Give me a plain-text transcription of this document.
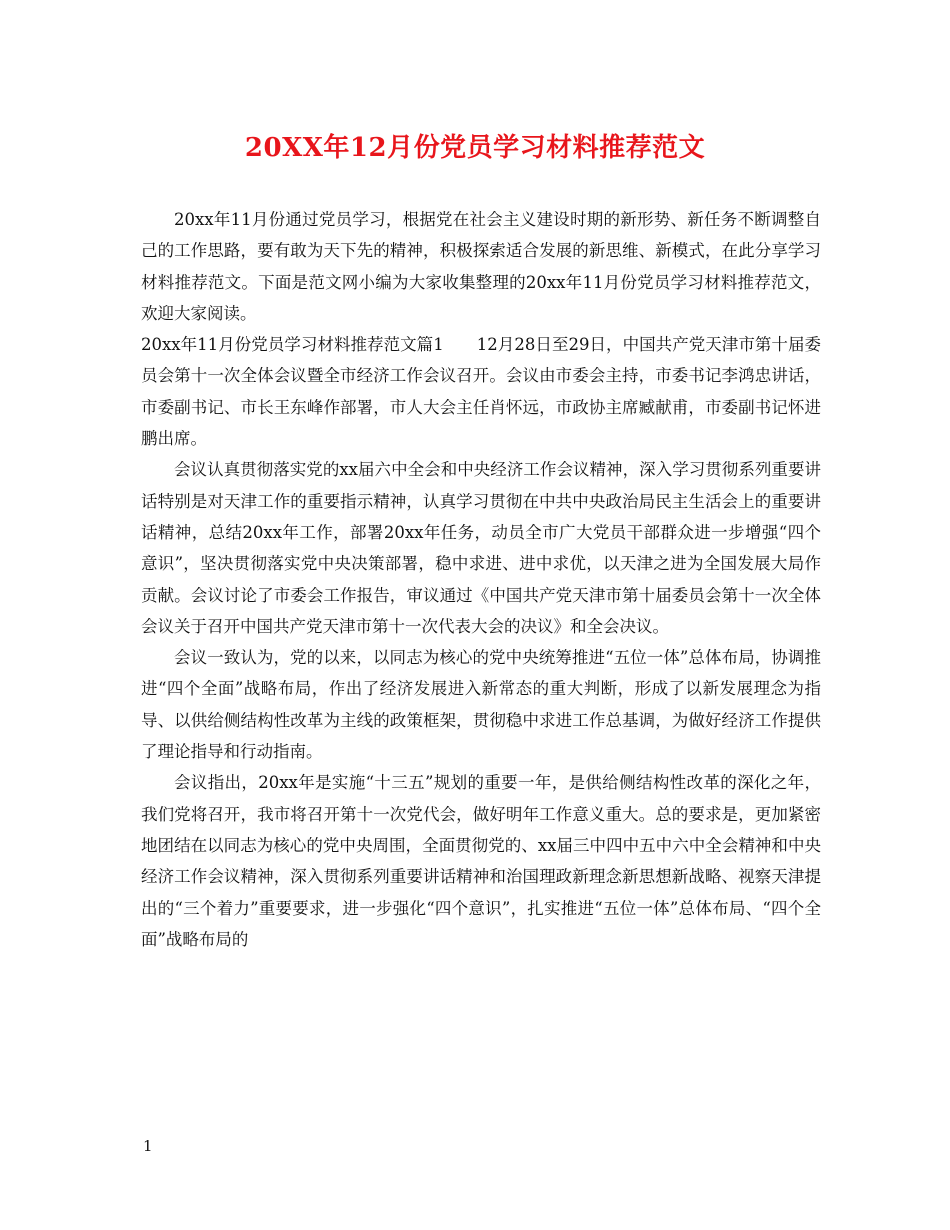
20XX年12月份党员学习材料推荐范文

20xx年11月份通过党员学习，根据党在社会主义建设时期的新形势、新任务不断调整自己的工作思路，要有敢为天下先的精神，积极探索适合发展的新思维、新模式，在此分享学习材料推荐范文。下面是范文网小编为大家收集整理的20xx年11月份党员学习材料推荐范文，欢迎大家阅读。

20xx年11月份党员学习材料推荐范文篇1　　12月28日至29日，中国共产党天津市第十届委员会第十一次全体会议暨全市经济工作会议召开。会议由市委会主持，市委书记李鸿忠讲话，市委副书记、市长王东峰作部署，市人大会主任肖怀远，市政协主席臧献甫，市委副书记怀进鹏出席。

会议认真贯彻落实党的xx届六中全会和中央经济工作会议精神，深入学习贯彻系列重要讲话特别是对天津工作的重要指示精神，认真学习贯彻在中共中央政治局民主生活会上的重要讲话精神，总结20xx年工作，部署20xx年任务，动员全市广大党员干部群众进一步增强“四个意识”，坚决贯彻落实党中央决策部署，稳中求进、进中求优，以天津之进为全国发展大局作贡献。会议讨论了市委会工作报告，审议通过《中国共产党天津市第十届委员会第十一次全体会议关于召开中国共产党天津市第十一次代表大会的决议》和全会决议。

会议一致认为，党的以来，以同志为核心的党中央统筹推进“五位一体”总体布局，协调推进“四个全面”战略布局，作出了经济发展进入新常态的重大判断，形成了以新发展理念为指导、以供给侧结构性改革为主线的政策框架，贯彻稳中求进工作总基调，为做好经济工作提供了理论指导和行动指南。

会议指出，20xx年是实施“十三五”规划的重要一年，是供给侧结构性改革的深化之年，我们党将召开，我市将召开第十一次党代会，做好明年工作意义重大。总的要求是，更加紧密地团结在以同志为核心的党中央周围，全面贯彻党的、xx届三中四中五中六中全会精神和中央经济工作会议精神，深入贯彻系列重要讲话精神和治国理政新理念新思想新战略、视察天津提出的“三个着力”重要要求，进一步强化“四个意识”，扎实推进“五位一体”总体布局、“四个全面”战略布局的

1
